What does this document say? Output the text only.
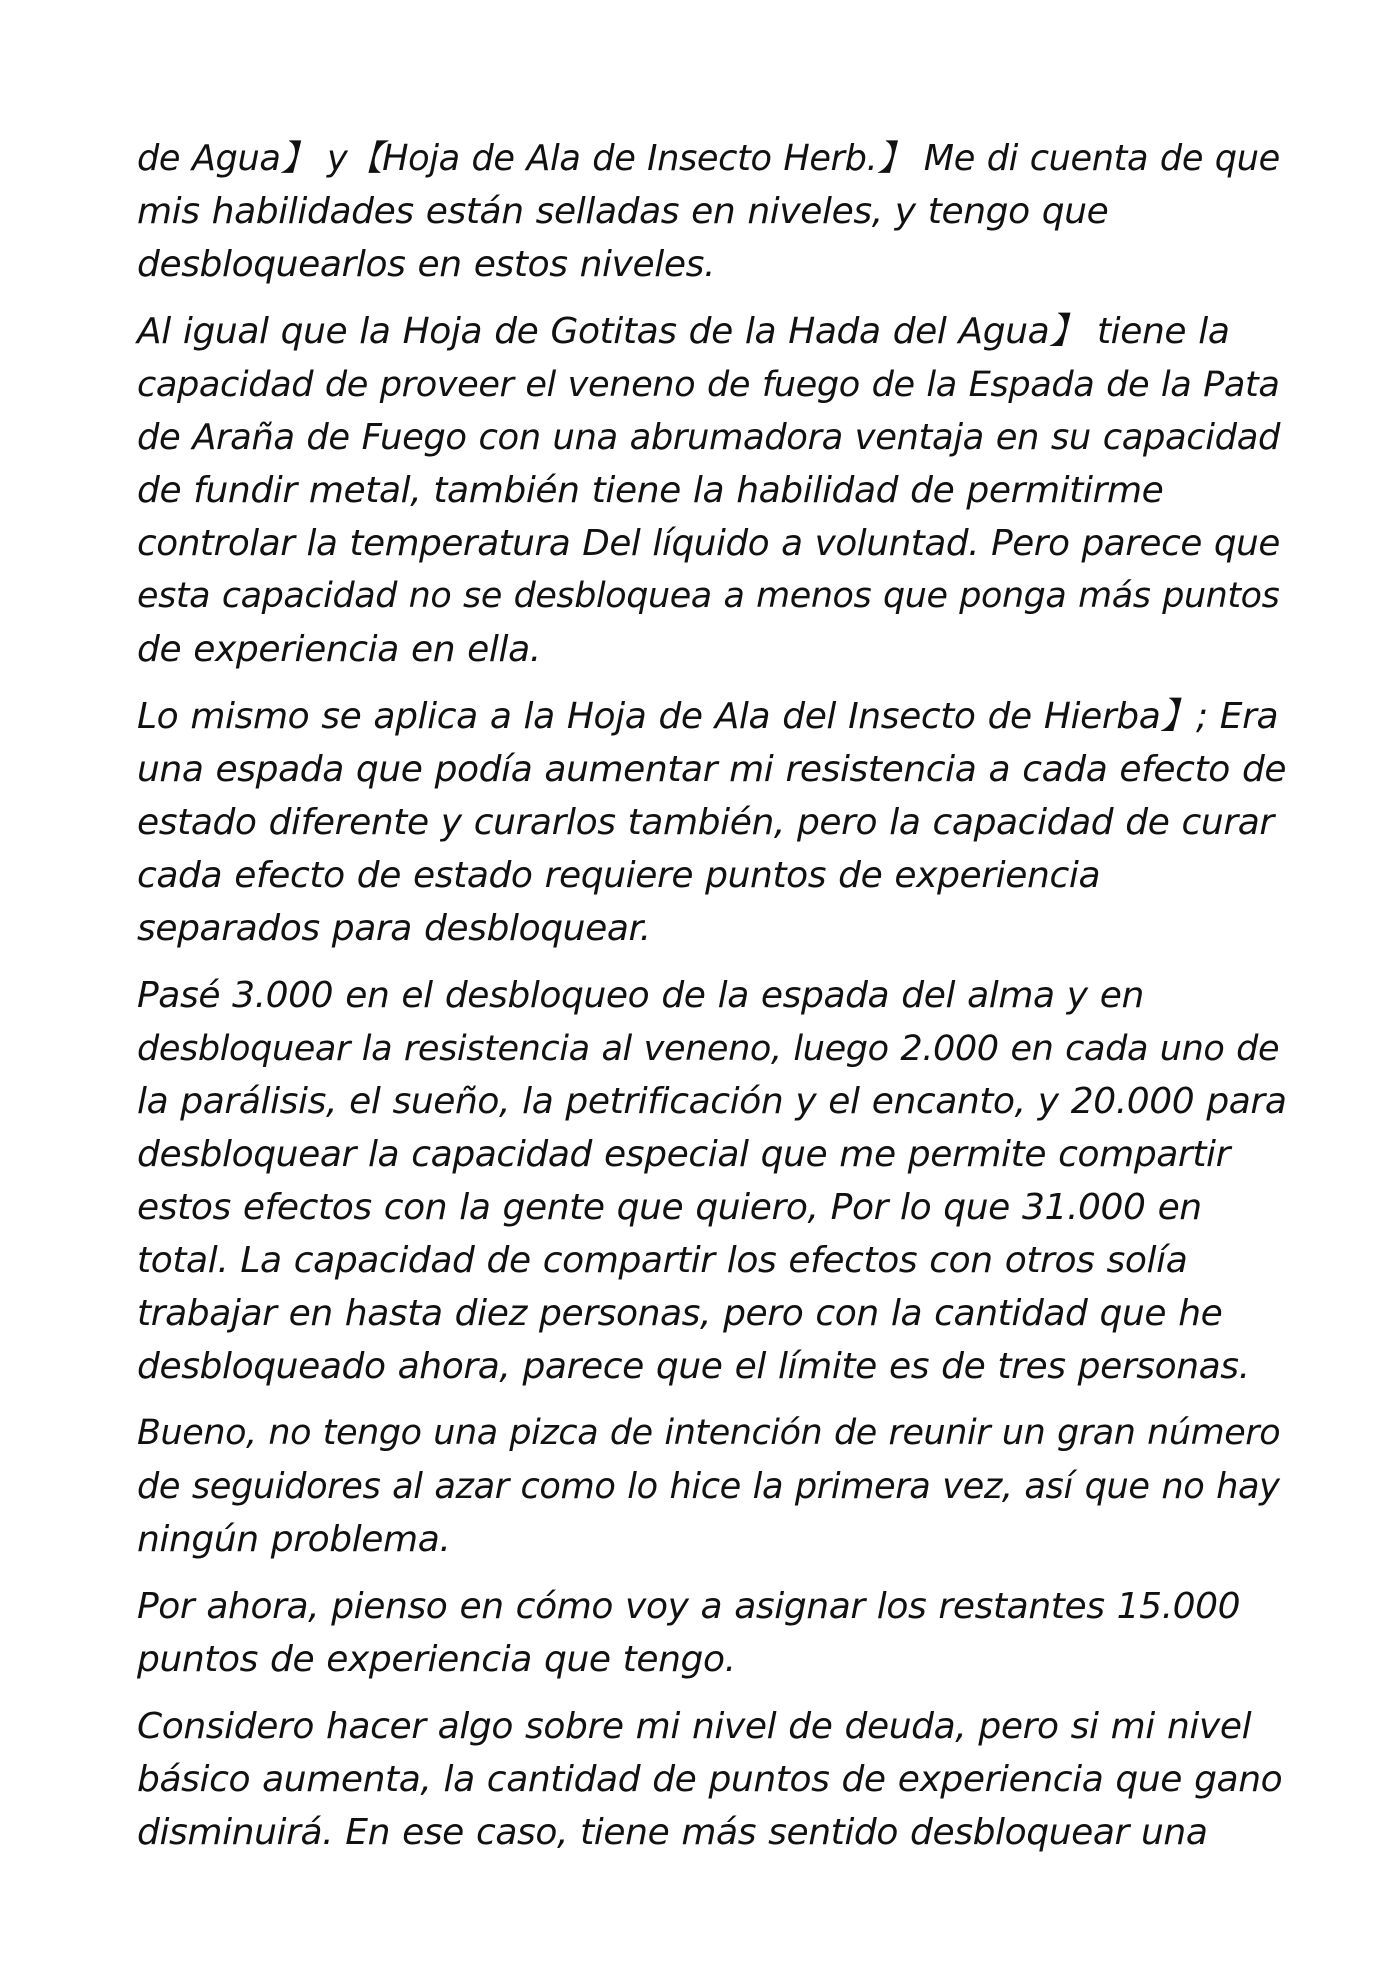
de Agua】 y【Hoja de Ala de Insecto Herb.】 Me di cuenta de que
mis habilidades están selladas en niveles, y tengo que
desbloquearlos en estos niveles.

Al igual que la Hoja de Gotitas de la Hada del Agua】 tiene la
capacidad de proveer el veneno de fuego de la Espada de la Pata
de Araña de Fuego con una abrumadora ventaja en su capacidad
de fundir metal, también tiene la habilidad de permitirme
controlar la temperatura Del líquido a voluntad. Pero parece que
esta capacidad no se desbloquea a menos que ponga más puntos
de experiencia en ella.

Lo mismo se aplica a la Hoja de Ala del Insecto de Hierba】; Era
una espada que podía aumentar mi resistencia a cada efecto de
estado diferente y curarlos también, pero la capacidad de curar
cada efecto de estado requiere puntos de experiencia
separados para desbloquear.

Pasé 3.000 en el desbloqueo de la espada del alma y en
desbloquear la resistencia al veneno, luego 2.000 en cada uno de
la parálisis, el sueño, la petrificación y el encanto, y 20.000 para
desbloquear la capacidad especial que me permite compartir
estos efectos con la gente que quiero, Por lo que 31.000 en
total. La capacidad de compartir los efectos con otros solía
trabajar en hasta diez personas, pero con la cantidad que he
desbloqueado ahora, parece que el límite es de tres personas.

Bueno, no tengo una pizca de intención de reunir un gran número
de seguidores al azar como lo hice la primera vez, así que no hay
ningún problema.

Por ahora, pienso en cómo voy a asignar los restantes 15.000
puntos de experiencia que tengo.

Considero hacer algo sobre mi nivel de deuda, pero si mi nivel
básico aumenta, la cantidad de puntos de experiencia que gano
disminuirá. En ese caso, tiene más sentido desbloquear una
